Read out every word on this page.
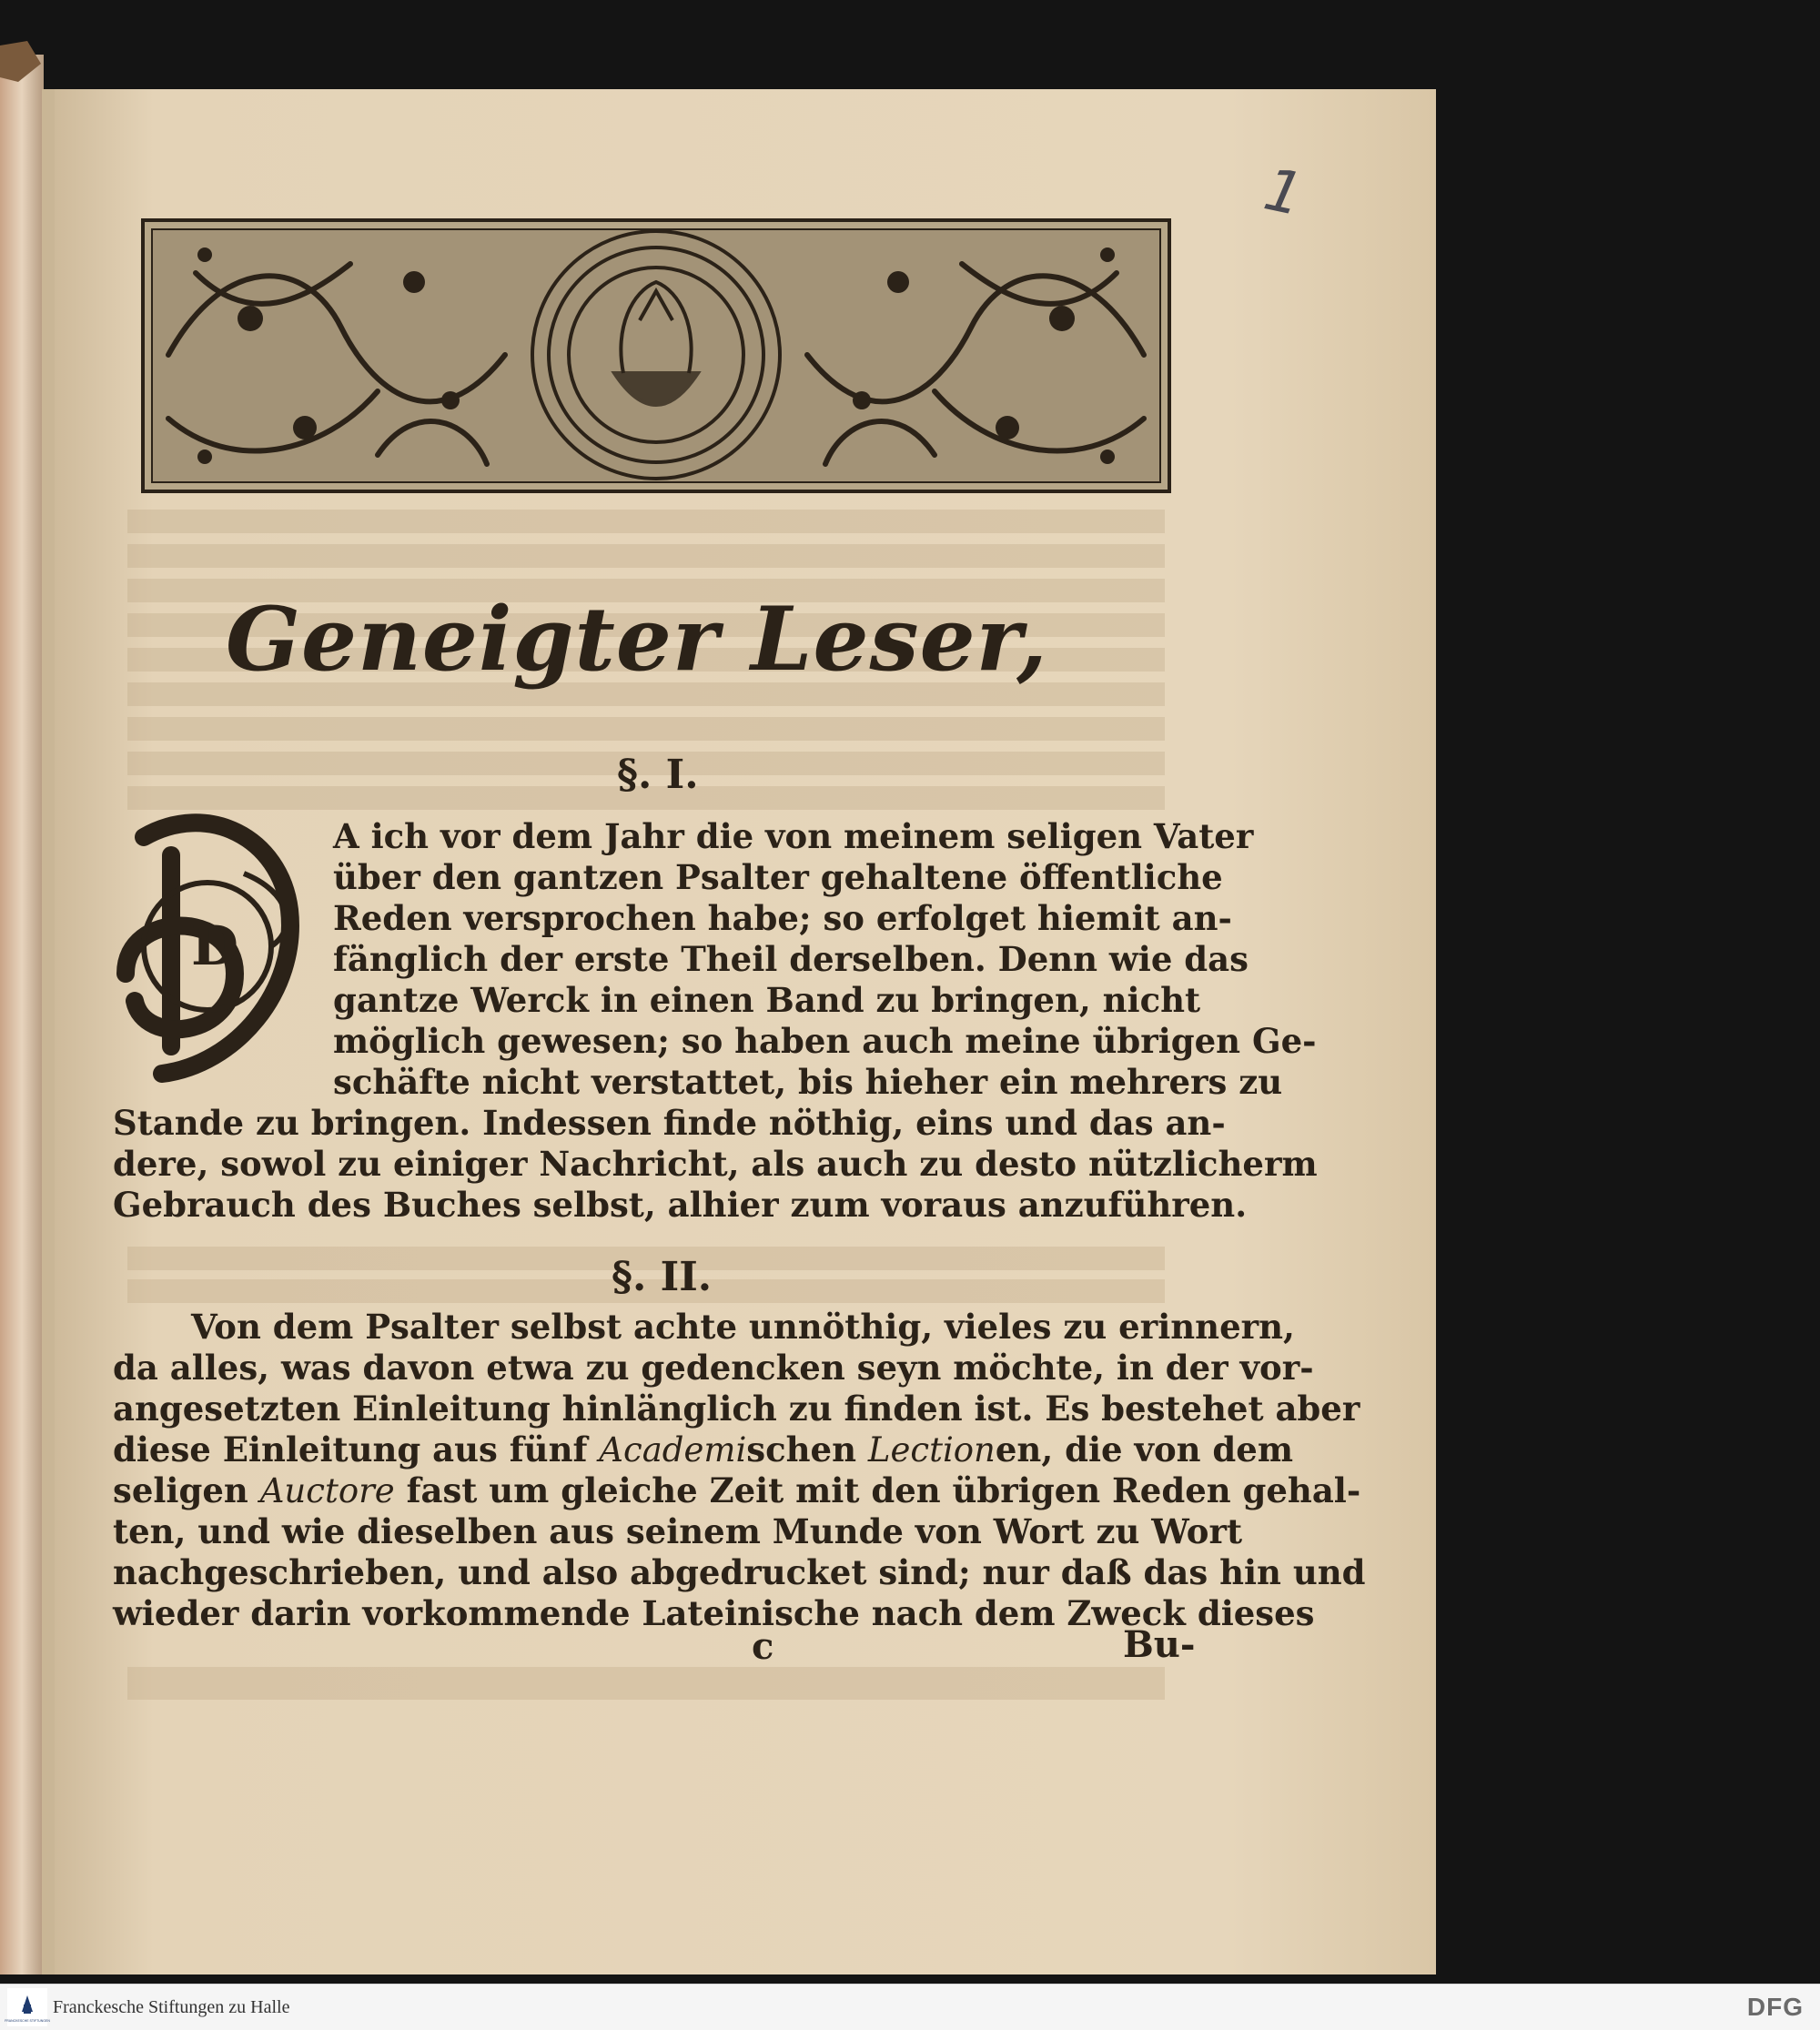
1
Geneigter Leser,
§. I.
D

A ich vor dem Jahr die von meinem seligen Vater

über den gantzen Psalter gehaltene öffentliche

Reden versprochen habe; so erfolget hiemit an-

fänglich der erste Theil derselben. Denn wie das

gantze Werck in einen Band zu bringen, nicht

möglich gewesen; so haben auch meine übrigen Ge-

schäfte nicht verstattet, bis hieher ein mehrers zu

Stande zu bringen. Indessen finde nöthig, eins und das an-

dere, sowol zu einiger Nachricht, als auch zu desto nützlicherm

Gebrauch des Buches selbst, alhier zum voraus anzuführen.

§. II.

Von dem Psalter selbst achte unnöthig, vieles zu erinnern,

da alles, was davon etwa zu gedencken seyn möchte, in der vor-

angesetzten Einleitung hinlänglich zu finden ist. Es bestehet aber

diese Einleitung aus fünf Academischen Lectionen, die von dem

seligen Auctore fast um gleiche Zeit mit den übrigen Reden gehal-

ten, und wie dieselben aus seinem Munde von Wort zu Wort

nachgeschrieben, und also abgedrucket sind; nur daß das hin und

wieder darin vorkommende Lateinische nach dem Zweck dieses

c	Bu-
FRANCKESCHE STIFTUNGEN
Franckesche Stiftungen zu Halle	DFG
